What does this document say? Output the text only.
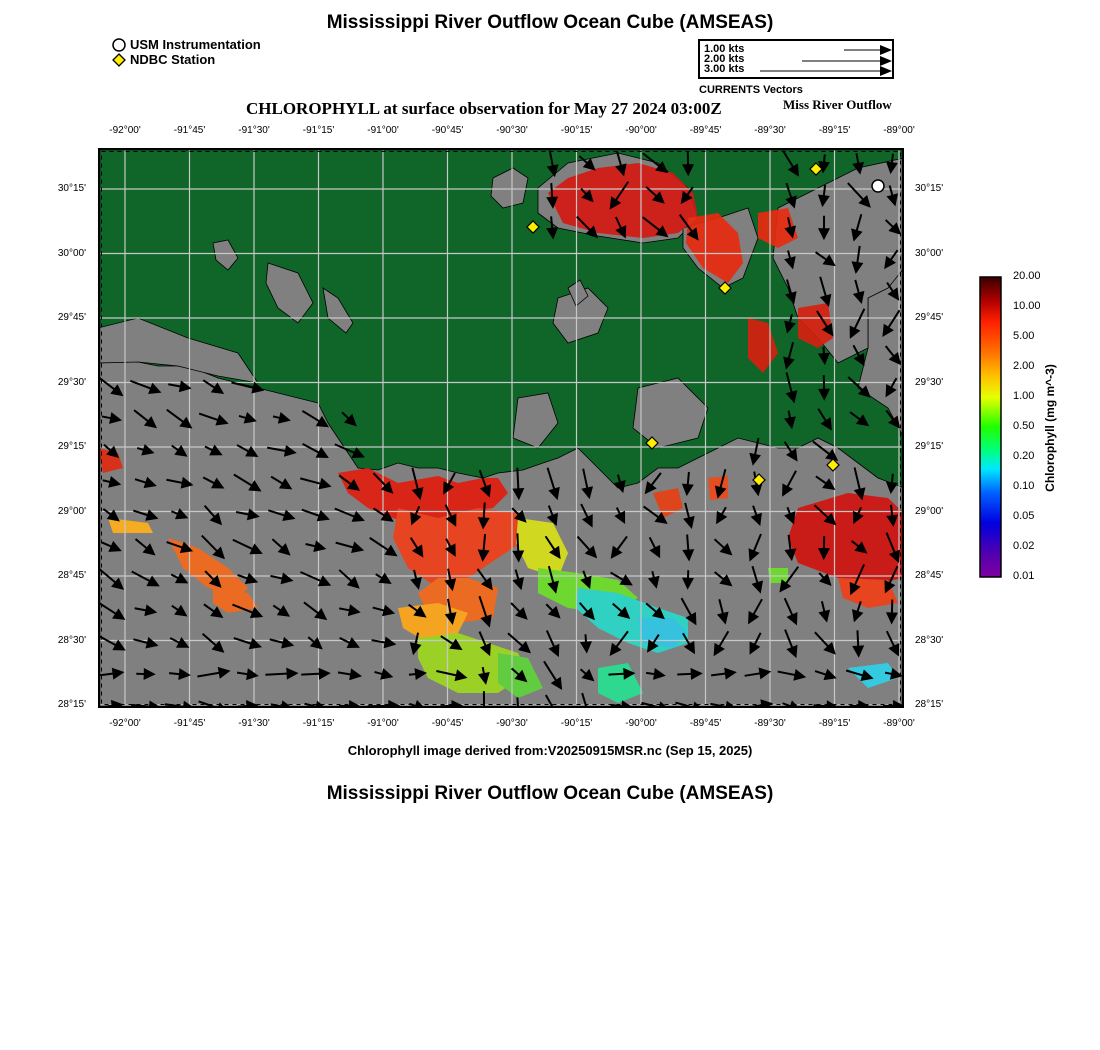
Mississippi River Outflow Ocean Cube (AMSEAS)
USM Instrumentation
NDBC Station
1.00 kts
2.00 kts
3.00 kts
CURRENTS Vectors
CHLOROPHYLL at surface observation for May 27 2024 03:00Z	Miss River Outflow
-92°00'	-91°45'	-91°30'	-91°15'	-91°00'	-90°45'	-90°30'	-90°15'	-90°00'	-89°45'	-89°30'	-89°15'	-89°00'
-92°00'	-91°45'	-91°30'	-91°15'	-91°00'	-90°45'	-90°30'	-90°15'	-90°00'	-89°45'	-89°30'	-89°15'	-89°00'
30°15'
30°00'
29°45'
29°30'
29°15'
29°00'
28°45'
28°30'
28°15'
30°15'
30°00'
29°45'
29°30'
29°15'
29°00'
28°45'
28°30'
28°15'
20.00
10.00
5.00
2.00
1.00
0.50
0.20
0.10
0.05
0.02
0.01
Chlorophyll (mg m^-3)
Chlorophyll image derived from:V20250915MSR.nc (Sep 15, 2025)
Mississippi River Outflow Ocean Cube (AMSEAS)
